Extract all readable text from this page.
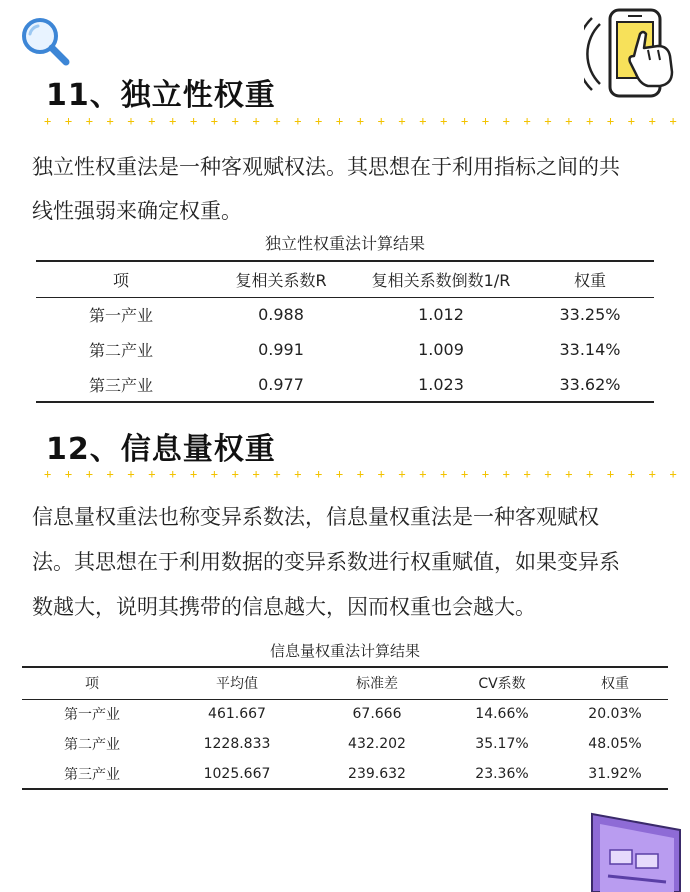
11、独立性权重
+ + + + + + + + + + + + + + + + + + + + + + + + + + + + + + +
独立性权重法是一种客观赋权法。其思想在于利用指标之间的共
线性强弱来确定权重。
独立性权重法计算结果
项	复相关系数R	复相关系数倒数1/R	权重
第一产业	0.988	1.012	33.25%
第二产业	0.991	1.009	33.14%
第三产业	0.977	1.023	33.62%
12、信息量权重
+ + + + + + + + + + + + + + + + + + + + + + + + + + + + + + +
信息量权重法也称变异系数法，信息量权重法是一种客观赋权
法。其思想在于利用数据的变异系数进行权重赋值，如果变异系
数越大，说明其携带的信息越大，因而权重也会越大。
信息量权重法计算结果
项	平均值	标准差	CV系数	权重
第一产业	461.667	67.666	14.66%	20.03%
第二产业	1228.833	432.202	35.17%	48.05%
第三产业	1025.667	239.632	23.36%	31.92%
